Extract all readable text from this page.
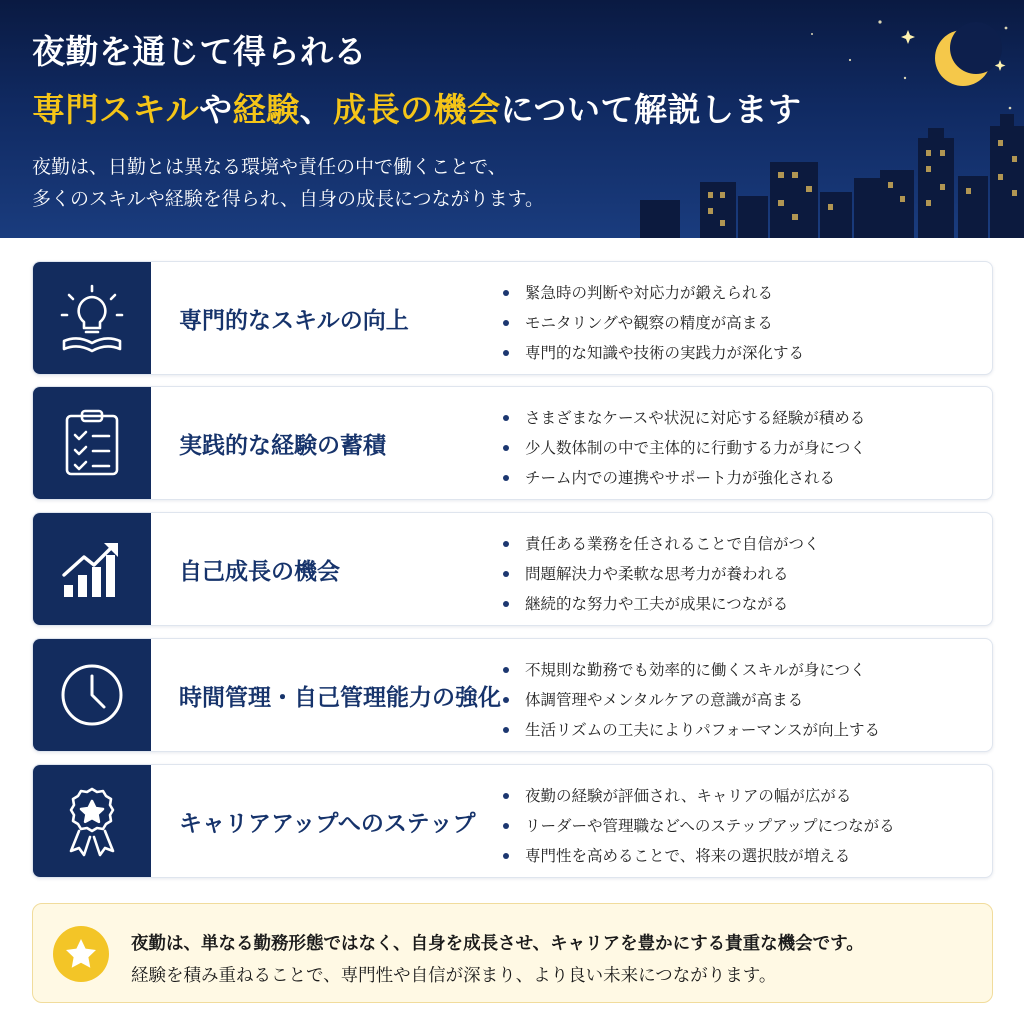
夜勤を通じて得られる
専門スキルや経験、成長の機会について解説します

夜勤は、日勤とは異なる環境や責任の中で働くことで、

多くのスキルや経験を得られ、自身の成長につながります。

専門的なスキルの向上
緊急時の判断や対応力が鍛えられる
モニタリングや観察の精度が高まる
専門的な知識や技術の実践力が深化する
実践的な経験の蓄積
さまざまなケースや状況に対応する経験が積める
少人数体制の中で主体的に行動する力が身につく
チーム内での連携やサポート力が強化される
自己成長の機会
責任ある業務を任されることで自信がつく
問題解決力や柔軟な思考力が養われる
継続的な努力や工夫が成果につながる
時間管理・自己管理能力の強化
不規則な勤務でも効率的に働くスキルが身につく
体調管理やメンタルケアの意識が高まる
生活リズムの工夫によりパフォーマンスが向上する
キャリアアップへのステップ
夜勤の経験が評価され、キャリアの幅が広がる
リーダーや管理職などへのステップアップにつながる
専門性を高めることで、将来の選択肢が増える

夜勤は、単なる勤務形態ではなく、自身を成長させ、キャリアを豊かにする貴重な機会です。

経験を積み重ねることで、専門性や自信が深まり、より良い未来につながります。
